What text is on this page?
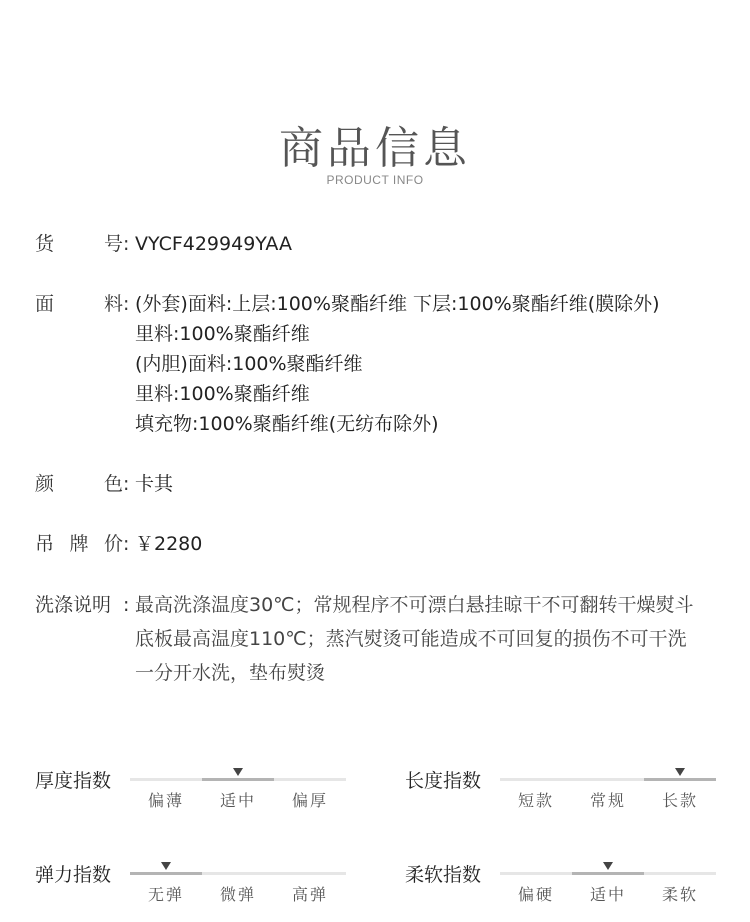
商品信息
PRODUCT INFO
货	号 : VYCF429949YAA
面	料 : (外套)面料:上层:100%聚酯纤维 下层:100%聚酯纤维(膜除外)
里料:100%聚酯纤维
(内胆)面料:100%聚酯纤维
里料:100%聚酯纤维
填充物:100%聚酯纤维(无纺布除外)
颜	色 : 卡其
吊 牌 价 : ￥2280
洗涤说明 : 最高洗涤温度30℃；常规程序不可漂白悬挂晾干不可翻转干燥熨斗
底板最高温度110℃；蒸汽熨烫可能造成不可回复的损伤不可干洗
一分开水洗，垫布熨烫
厚度指数
偏薄	适中	偏厚
长度指数
短款	常规	长款
弹力指数
无弹	微弹	高弹
柔软指数
偏硬	适中	柔软
